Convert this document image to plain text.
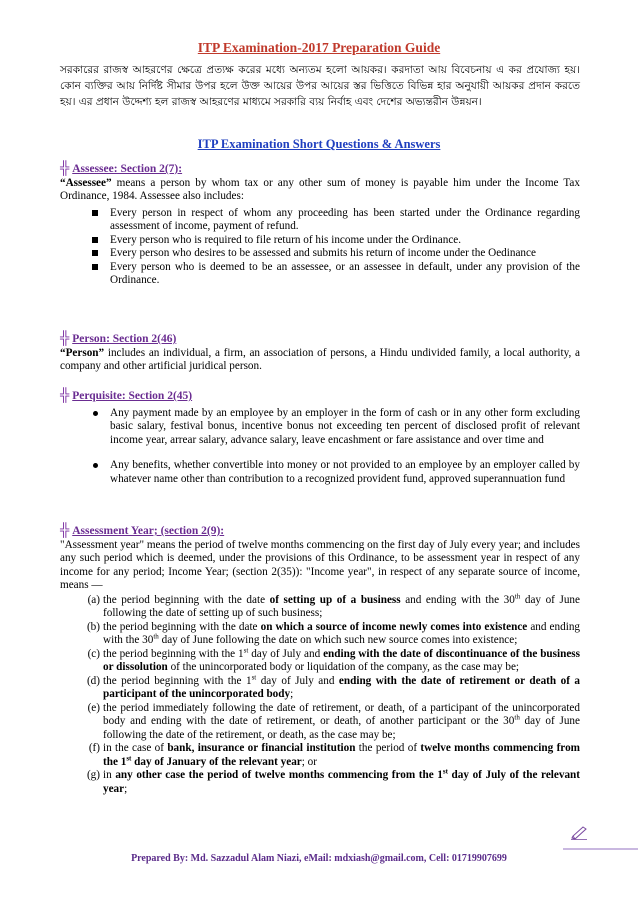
ITP Examination-2017 Preparation Guide
সরকারের রাজস্ব আহরণের ক্ষেত্রে প্রত্যক্ষ করের মধ্যে অন্যতম হলো আয়কর। করদাতা আয় বিবেচনায় এ কর প্রযোজ্য হয়। কোন ব্যক্তির আয় নির্দিষ্ট সীমার উপর হলে উক্ত আয়ের উপর আয়ের স্তর ভিত্তিতে বিভিন্ন হার অনুযায়ী আয়কর প্রদান করতে হয়। এর প্রধান উদ্দেশ্য হল রাজস্ব আহরণের মাধ্যমে সরকারি ব্যয় নির্বাহ এবং দেশের অভ্যন্তরীন উন্নয়ন।
ITP Examination Short Questions & Answers
╬ Assessee: Section 2(7):
“Assessee” means a person by whom tax or any other sum of money is payable him under the Income Tax Ordinance, 1984. Assessee also includes:
Every person in respect of whom any proceeding has been started under the Ordinance regarding assessment of income, payment of refund.
Every person who is required to file return of his income under the Ordinance.
Every person who desires to be assessed and submits his return of income under the Oedinance
Every person who is deemed to be an assessee, or an assessee in default, under any provision of the Ordinance.
╬ Person: Section 2(46)
“Person” includes an individual, a firm, an association of persons, a Hindu undivided family, a local authority, a company and other artificial juridical person.
╬ Perquisite: Section 2(45)
Any payment made by an employee by an employer in the form of cash or in any other form excluding basic salary, festival bonus, incentive bonus not exceeding ten percent of disclosed profit of relevant income year, arrear salary, advance salary, leave encashment or fare assistance and over time and
Any benefits, whether convertible into money or not provided to an employee by an employer called by whatever name other than contribution to a recognized provident fund, approved superannuation fund
╬ Assessment Year; (section 2(9):
"Assessment year" means the period of twelve months commencing on the first day of July every year; and includes any such period which is deemed, under the provisions of this Ordinance, to be assessment year in respect of any income for any period; Income Year; (section 2(35)): "Income year", in respect of any separate source of income, means —
(a) the period beginning with the date of setting up of a business and ending with the 30th day of June following the date of setting up of such business;
(b) the period beginning with the date on which a source of income newly comes into existence and ending with the 30th day of June following the date on which such new source comes into existence;
(c) the period beginning with the 1st day of July and ending with the date of discontinuance of the business or dissolution of the unincorporated body or liquidation of the company, as the case may be;
(d) the period beginning with the 1st day of July and ending with the date of retirement or death of a participant of the unincorporated body;
(e) the period immediately following the date of retirement, or death, of a participant of the unincorporated body and ending with the date of retirement, or death, of another participant or the 30th day of June following the date of the retirement, or death, as the case may be;
(f) in the case of bank, insurance or financial institution the period of twelve months commencing from the 1st day of January of the relevant year; or
(g) in any other case the period of twelve months commencing from the 1st day of July of the relevant year;
Prepared By: Md. Sazzadul Alam Niazi, eMail: mdxiash@gmail.com, Cell: 01719907699
